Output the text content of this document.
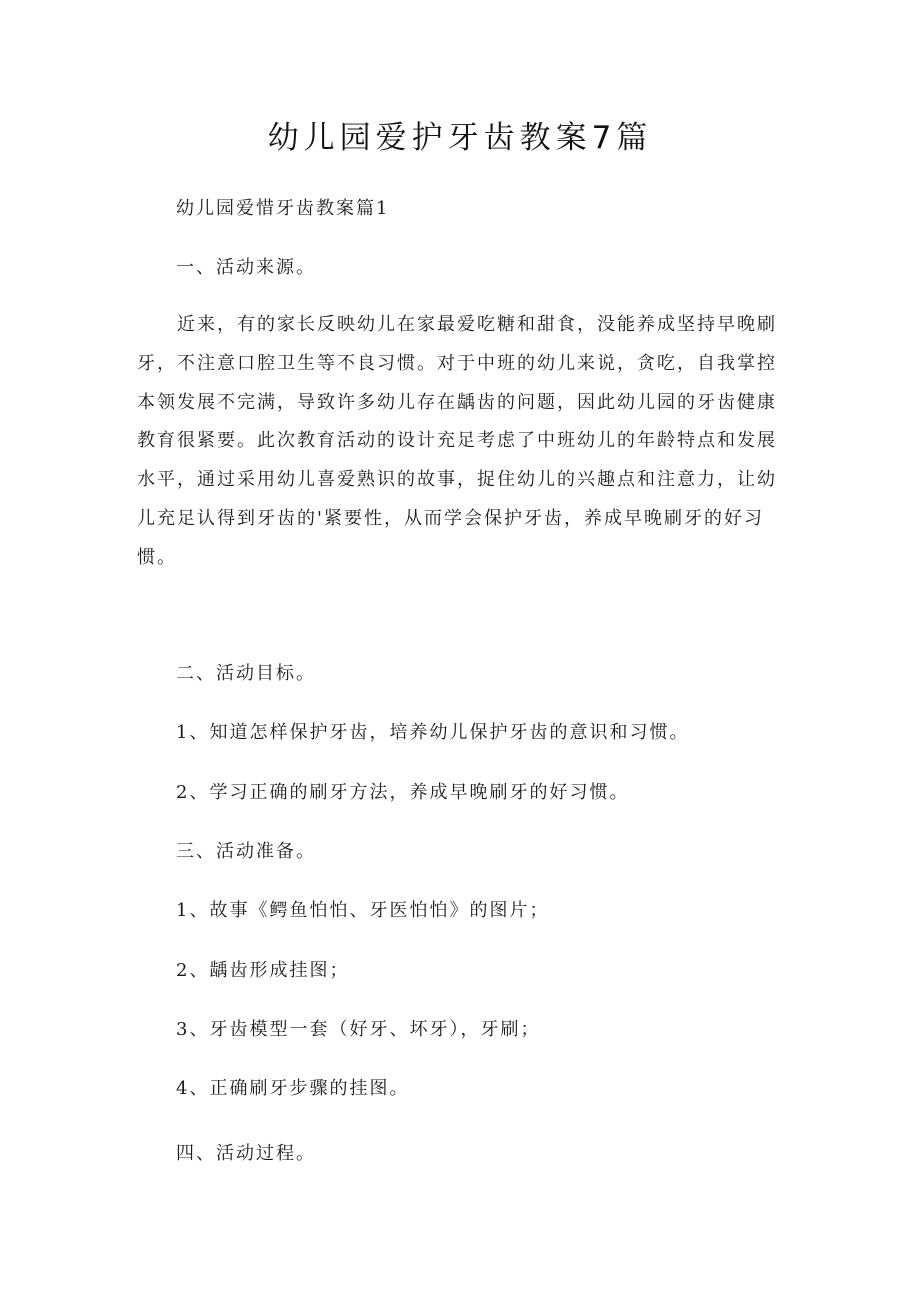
幼儿园爱护牙齿教案7篇
幼儿园爱惜牙齿教案篇1
一、活动来源。
近来，有的家长反映幼儿在家最爱吃糖和甜食，没能养成坚持早晚刷
牙，不注意口腔卫生等不良习惯。对于中班的幼儿来说，贪吃，自我掌控
本领发展不完满，导致许多幼儿存在龋齿的问题，因此幼儿园的牙齿健康
教育很紧要。此次教育活动的设计充足考虑了中班幼儿的年龄特点和发展
水平，通过采用幼儿喜爱熟识的故事，捉住幼儿的兴趣点和注意力，让幼
儿充足认得到牙齿的'紧要性，从而学会保护牙齿，养成早晚刷牙的好习
惯。
二、活动目标。
1、知道怎样保护牙齿，培养幼儿保护牙齿的意识和习惯。
2、学习正确的刷牙方法，养成早晚刷牙的好习惯。
三、活动准备。
1、故事《鳄鱼怕怕、牙医怕怕》的图片；
2、龋齿形成挂图；
3、牙齿模型一套（好牙、坏牙），牙刷；
4、正确刷牙步骤的挂图。
四、活动过程。
